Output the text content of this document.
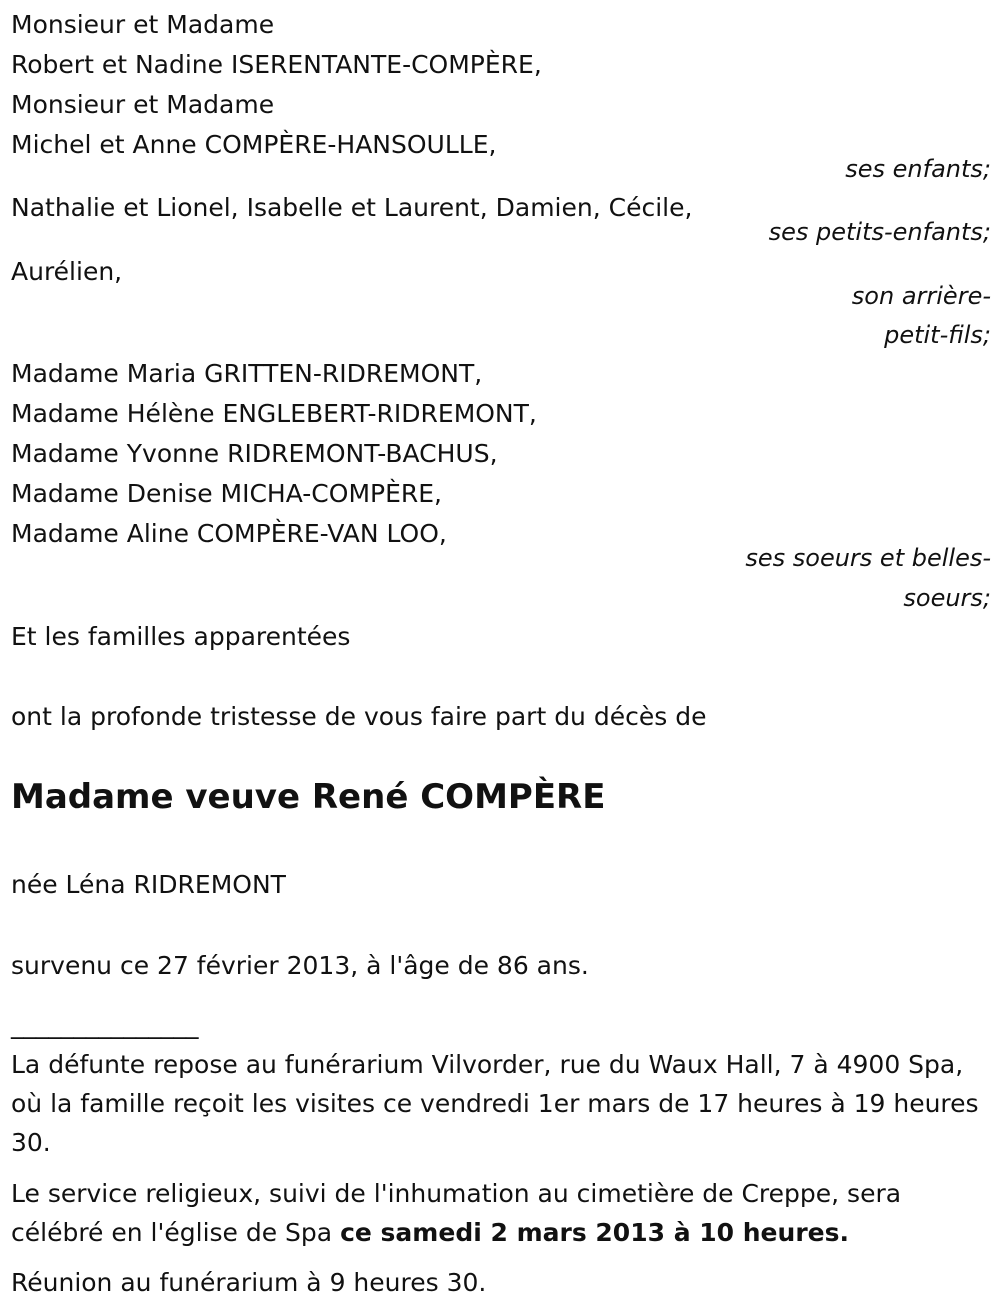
Monsieur et Madame
Robert et Nadine ISERENTANTE-COMPÈRE,
Monsieur et Madame
Michel et Anne COMPÈRE-HANSOULLE,
ses enfants;
Nathalie et Lionel, Isabelle et Laurent, Damien, Cécile,
ses petits-enfants;
Aurélien,
son arrière-
petit-fils;
Madame Maria GRITTEN-RIDREMONT,
Madame Hélène ENGLEBERT-RIDREMONT,
Madame Yvonne RIDREMONT-BACHUS,
Madame Denise MICHA-COMPÈRE,
Madame Aline COMPÈRE-VAN LOO,
ses soeurs et belles-
soeurs;
Et les familles apparentées
ont la profonde tristesse de vous faire part du décès de
Madame veuve René COMPÈRE
née Léna RIDREMONT
survenu ce 27 février 2013, à l'âge de 86 ans.
_______________
La défunte repose au funérarium Vilvorder, rue du Waux Hall, 7 à 4900 Spa, où la famille reçoit les visites ce vendredi 1er mars de 17 heures à 19 heures 30.
Le service religieux, suivi de l'inhumation au cimetière de Creppe, sera célébré en l'église de Spa ce samedi 2 mars 2013 à 10 heures.
Réunion au funérarium à 9 heures 30.
